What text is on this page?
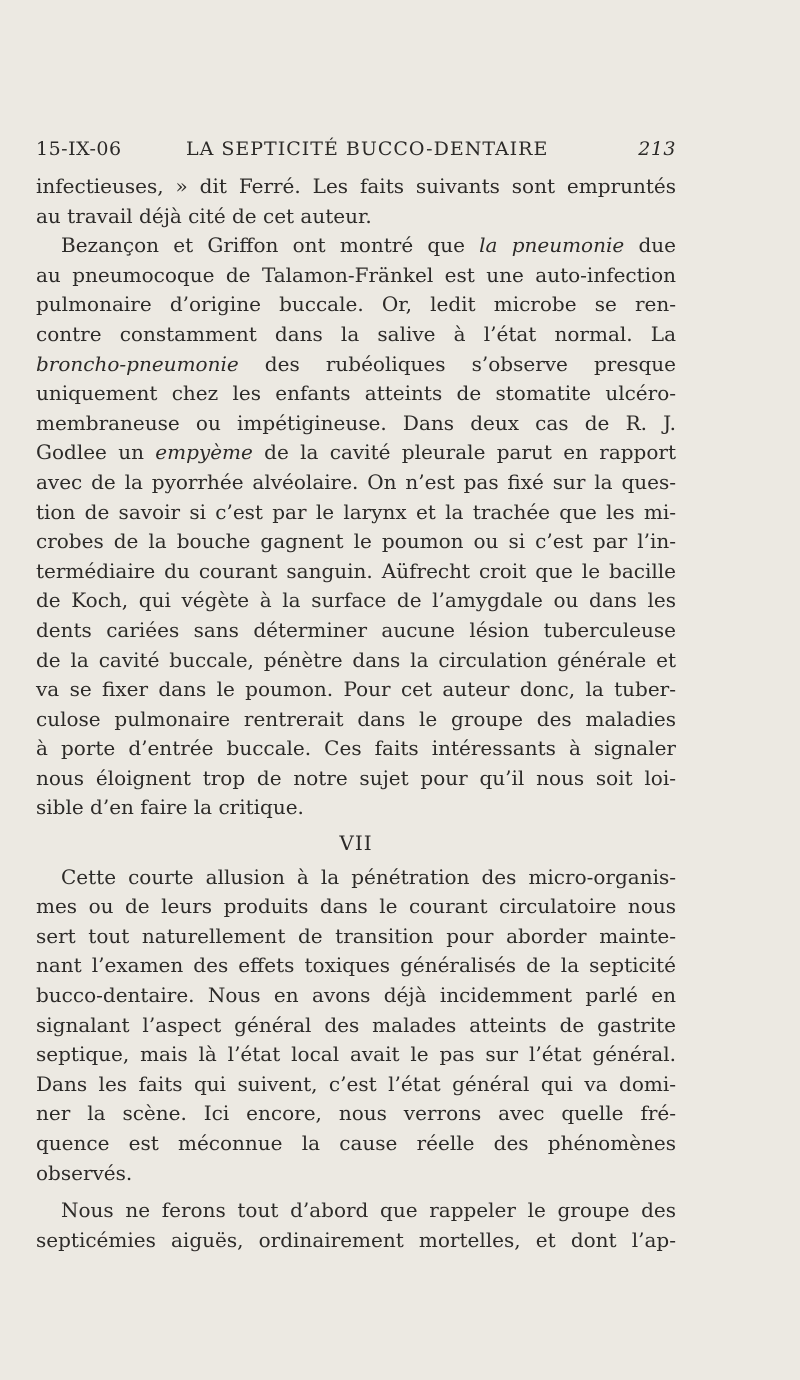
15-IX-06	LA SEPTICITÉ BUCCO-DENTAIRE	213
infectieuses, » dit Ferré. Les faits suivants sont empruntés
au travail déjà cité de cet auteur.
Bezançon et Griffon ont montré que la pneumonie due
au pneumocoque de Talamon-Fränkel est une auto-infection
pulmonaire d’origine buccale. Or, ledit microbe se ren-
contre constamment dans la salive à l’état normal. La
broncho-pneumonie des rubéoliques s’observe presque
uniquement chez les enfants atteints de stomatite ulcéro-
membraneuse ou impétigineuse. Dans deux cas de R. J.
Godlee un empyème de la cavité pleurale parut en rapport
avec de la pyorrhée alvéolaire. On n’est pas fixé sur la ques-
tion de savoir si c’est par le larynx et la trachée que les mi-
crobes de la bouche gagnent le poumon ou si c’est par l’in-
termédiaire du courant sanguin. Aüfrecht croit que le bacille
de Koch, qui végète à la surface de l’amygdale ou dans les
dents cariées sans déterminer aucune lésion tuberculeuse
de la cavité buccale, pénètre dans la circulation générale et
va se fixer dans le poumon. Pour cet auteur donc, la tuber-
culose pulmonaire rentrerait dans le groupe des maladies
à porte d’entrée buccale. Ces faits intéressants à signaler
nous éloignent trop de notre sujet pour qu’il nous soit loi-
sible d’en faire la critique.
VII
Cette courte allusion à la pénétration des micro-organis-
mes ou de leurs produits dans le courant circulatoire nous
sert tout naturellement de transition pour aborder mainte-
nant l’examen des effets toxiques généralisés de la septicité
bucco-dentaire. Nous en avons déjà incidemment parlé en
signalant l’aspect général des malades atteints de gastrite
septique, mais là l’état local avait le pas sur l’état général.
Dans les faits qui suivent, c’est l’état général qui va domi-
ner la scène. Ici encore, nous verrons avec quelle fré-
quence est méconnue la cause réelle des phénomènes
observés.
Nous ne ferons tout d’abord que rappeler le groupe des
septicémies aiguës, ordinairement mortelles, et dont l’ap-
